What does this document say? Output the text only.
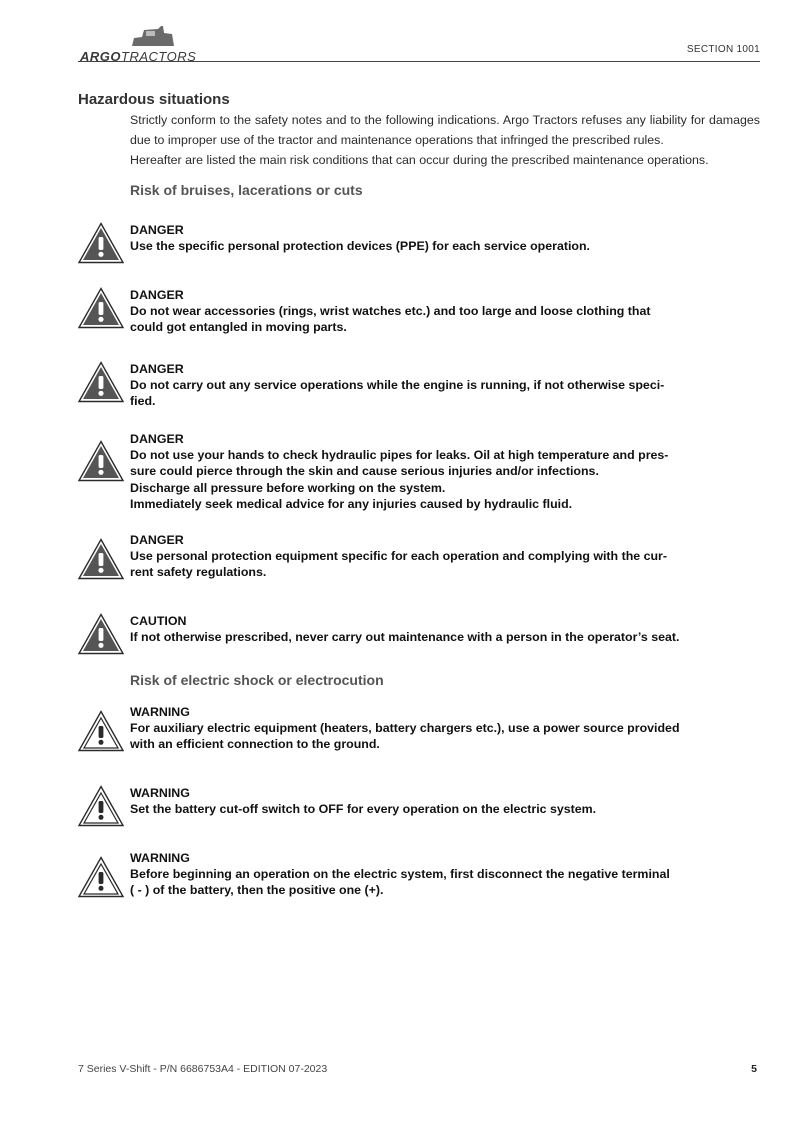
ARGOTRACTORS	SECTION 1001
Hazardous situations

Strictly conform to the safety notes and to the following indications. Argo Tractors refuses any liability for damages due to improper use of the tractor and maintenance operations that infringed the prescribed rules.

Hereafter are listed the main risk conditions that can occur during the prescribed maintenance operations.

Risk of bruises, lacerations or cuts
DANGER
Use the specific personal protection devices (PPE) for each service operation.
DANGER
Do not wear accessories (rings, wrist watches etc.) and too large and loose clothing that
could got entangled in moving parts.
DANGER
Do not carry out any service operations while the engine is running, if not otherwise speci-
fied.
DANGER
Do not use your hands to check hydraulic pipes for leaks. Oil at high temperature and pres-
sure could pierce through the skin and cause serious injuries and/or infections.
Discharge all pressure before working on the system.
Immediately seek medical advice for any injuries caused by hydraulic fluid.
DANGER
Use personal protection equipment specific for each operation and complying with the cur-
rent safety regulations.
CAUTION
If not otherwise prescribed, never carry out maintenance with a person in the operator’s seat.
Risk of electric shock or electrocution
WARNING
For auxiliary electric equipment (heaters, battery chargers etc.), use a power source provided
with an efficient connection to the ground.
WARNING
Set the battery cut-off switch to OFF for every operation on the electric system.
WARNING
Before beginning an operation on the electric system, first disconnect the negative terminal
( - ) of the battery, then the positive one (+).
7 Series V-Shift - P/N 6686753A4 - EDITION 07-2023	5
